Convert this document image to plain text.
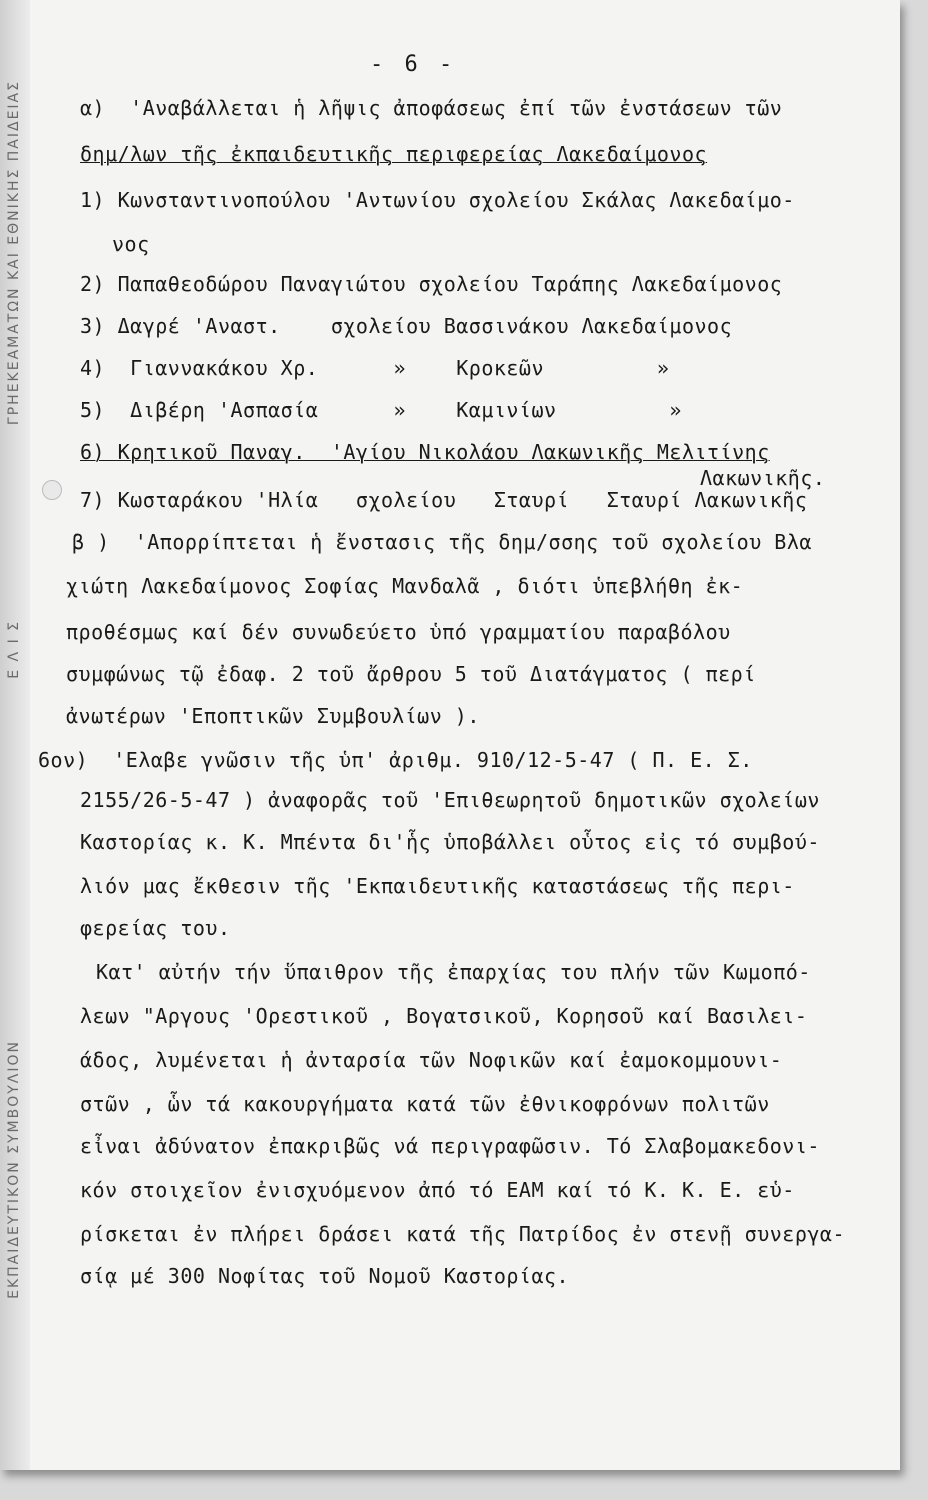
ΓΡΗΕΚΕΑΜΑΤΩΝ ΚΑΙ ΕΘΝΙΚΗΣ ΠΑΙΔΕΙΑΣ
Ε Λ Ι Σ
ΕΚΠΑΙΔΕΥΤΙΚΟΝ ΣΥΜΒΟΥΛΙΟΝ
- 6 -
α)  'Αναβάλλεται ἡ λῆψις ἀποφάσεως ἐπί τῶν ἐνστάσεων τῶν
δημ/λων τῆς ἐκπαιδευτικῆς περιφερείας Λακεδαίμονος
1) Κωνσταντινοπούλου 'Αντωνίου σχολείου Σκάλας Λακεδαίμο-
νος
2) Παπαθεοδώρου Παναγιώτου σχολείου Ταράπης Λακεδαίμονος
3) Δαγρέ 'Αναστ.    σχολείου Βασσινάκου Λακεδαίμονος
4)  Γιαννακάκου Χρ.      »    Κροκεῶν         »
5)  Διβέρη 'Ασπασία      »    Καμινίων         »
6) Κρητικοῦ Παναγ.  'Αγίου Νικολάου Λακωνικῆς Μελιτίνης
Λακωνικῆς.
7) Κωσταράκου 'Ηλία   σχολείου   Σταυρί   Σταυρί Λακωνικῆς
β )  'Απορρίπτεται ἡ ἔνστασις τῆς δημ/σσης τοῦ σχολείου Βλα
χιώτη Λακεδαίμονος Σοφίας Μανδαλᾶ , διότι ὑπεβλήθη ἐκ-
προθέσμως καί δέν συνωδεύετο ὑπό γραμματίου παραβόλου
συμφώνως τῷ ἐδαφ. 2 τοῦ ἄρθρου 5 τοῦ Διατάγματος ( περί
ἀνωτέρων 'Εποπτικῶν Συμβουλίων ).
6ον)  'Ελαβε γνῶσιν τῆς ὑπ' ἀριθμ. 910/12-5-47 ( Π. Ε. Σ.
2155/26-5-47 ) ἀναφορᾶς τοῦ 'Επιθεωρητοῦ δημοτικῶν σχολείων
Καστορίας κ. Κ. Μπέντα δι'ἧς ὑποβάλλει οὗτος εἰς τό συμβού-
λιόν μας ἔκθεσιν τῆς 'Εκπαιδευτικῆς καταστάσεως τῆς περι-
φερείας του.
Κατ' αὐτήν τήν ὕπαιθρον τῆς ἐπαρχίας του πλήν τῶν Κωμοπό-
λεων "Αργους 'Ορεστικοῦ , Βογατσικοῦ, Κορησοῦ καί Βασιλει-
άδος, λυμένεται ἡ ἀνταρσία τῶν Νοφικῶν καί ἐαμοκομμουνι-
στῶν , ὧν τά κακουργήματα κατά τῶν ἐθνικοφρόνων πολιτῶν
εἶναι ἀδύνατον ἐπακριβῶς νά περιγραφῶσιν. Τό Σλαβομακεδονι-
κόν στοιχεῖον ἐνισχυόμενον ἀπό τό ΕΑΜ καί τό Κ. Κ. Ε. εὑ-
ρίσκεται ἐν πλήρει δράσει κατά τῆς Πατρίδος ἐν στενῇ συνεργα-
σίᾳ μέ 300 Νοφίτας τοῦ Νομοῦ Καστορίας.
